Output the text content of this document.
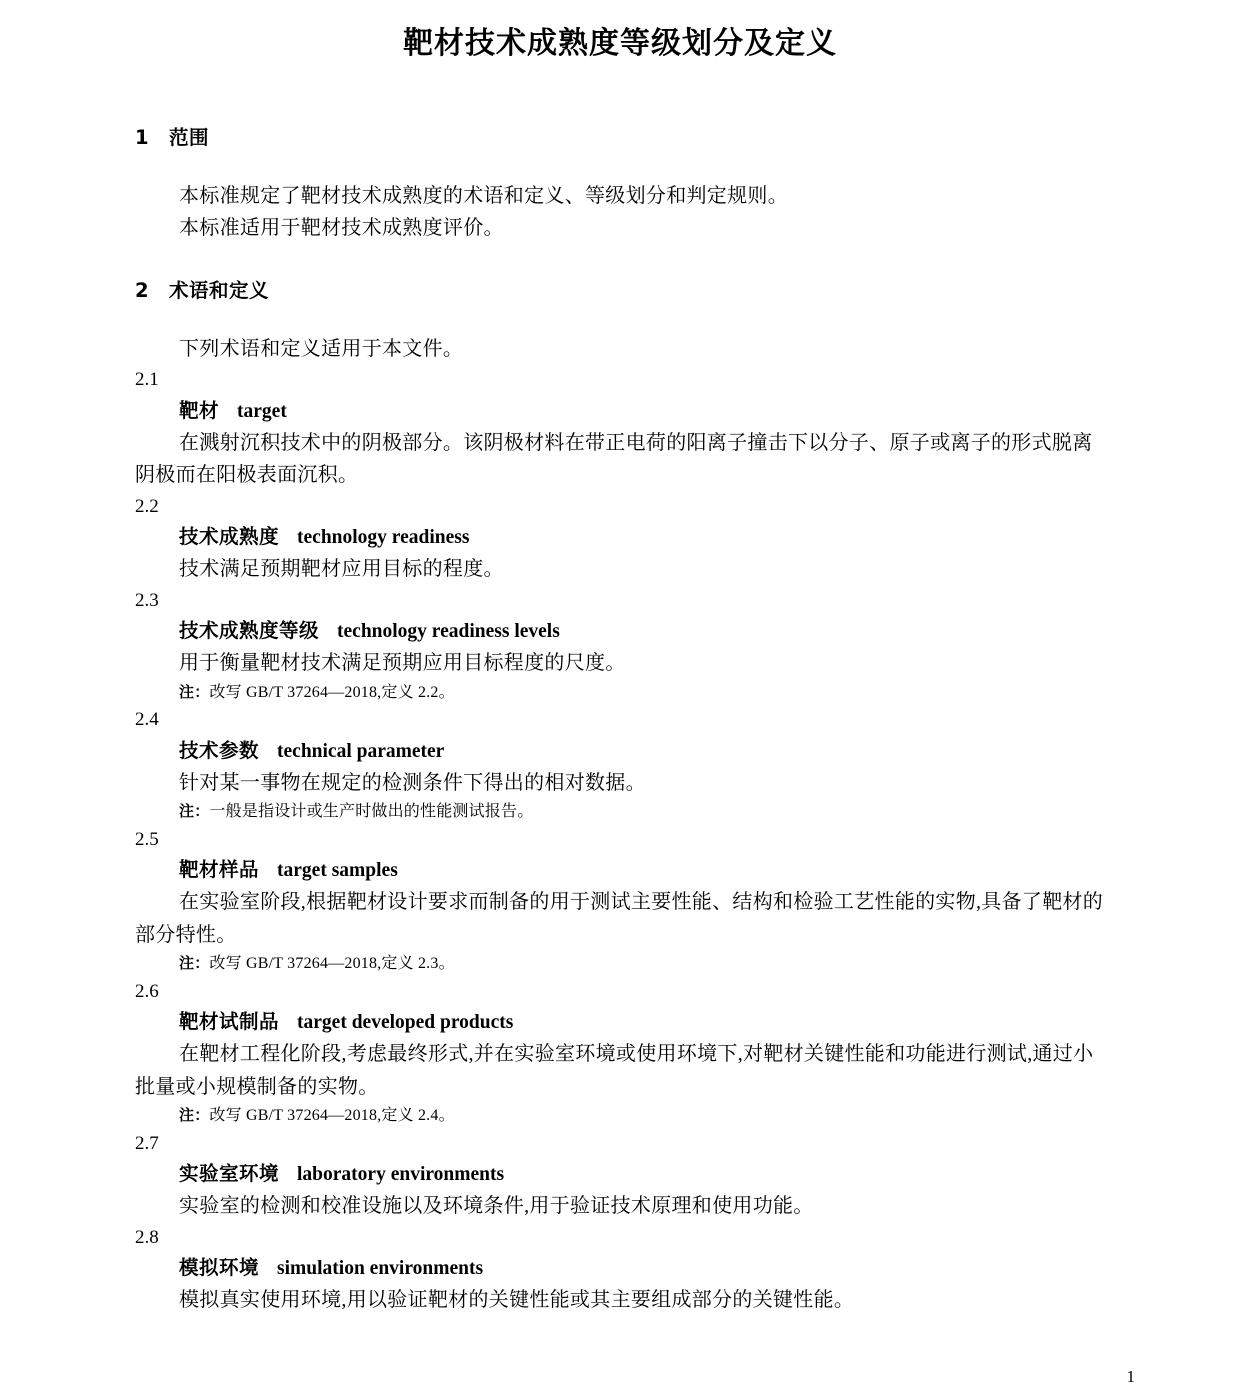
靶材技术成熟度等级划分及定义

1 范围

本标准规定了靶材技术成熟度的术语和定义、等级划分和判定规则。

本标准适用于靶材技术成熟度评价。

2 术语和定义

下列术语和定义适用于本文件。

2.1

靶材 target

在溅射沉积技术中的阴极部分。该阴极材料在带正电荷的阳离子撞击下以分子、原子或离子的形式脱离阴极而在阳极表面沉积。

2.2

技术成熟度 technology readiness

技术满足预期靶材应用目标的程度。

2.3

技术成熟度等级 technology readiness levels

用于衡量靶材技术满足预期应用目标程度的尺度。

注：改写 GB/T 37264—2018,定义 2.2。

2.4

技术参数 technical parameter

针对某一事物在规定的检测条件下得出的相对数据。

注：一般是指设计或生产时做出的性能测试报告。

2.5

靶材样品 target samples

在实验室阶段,根据靶材设计要求而制备的用于测试主要性能、结构和检验工艺性能的实物,具备了靶材的部分特性。

注：改写 GB/T 37264—2018,定义 2.3。

2.6

靶材试制品 target developed products

在靶材工程化阶段,考虑最终形式,并在实验室环境或使用环境下,对靶材关键性能和功能进行测试,通过小批量或小规模制备的实物。

注：改写 GB/T 37264—2018,定义 2.4。

2.7

实验室环境 laboratory environments

实验室的检测和校准设施以及环境条件,用于验证技术原理和使用功能。

2.8

模拟环境 simulation environments

模拟真实使用环境,用以验证靶材的关键性能或其主要组成部分的关键性能。

1
